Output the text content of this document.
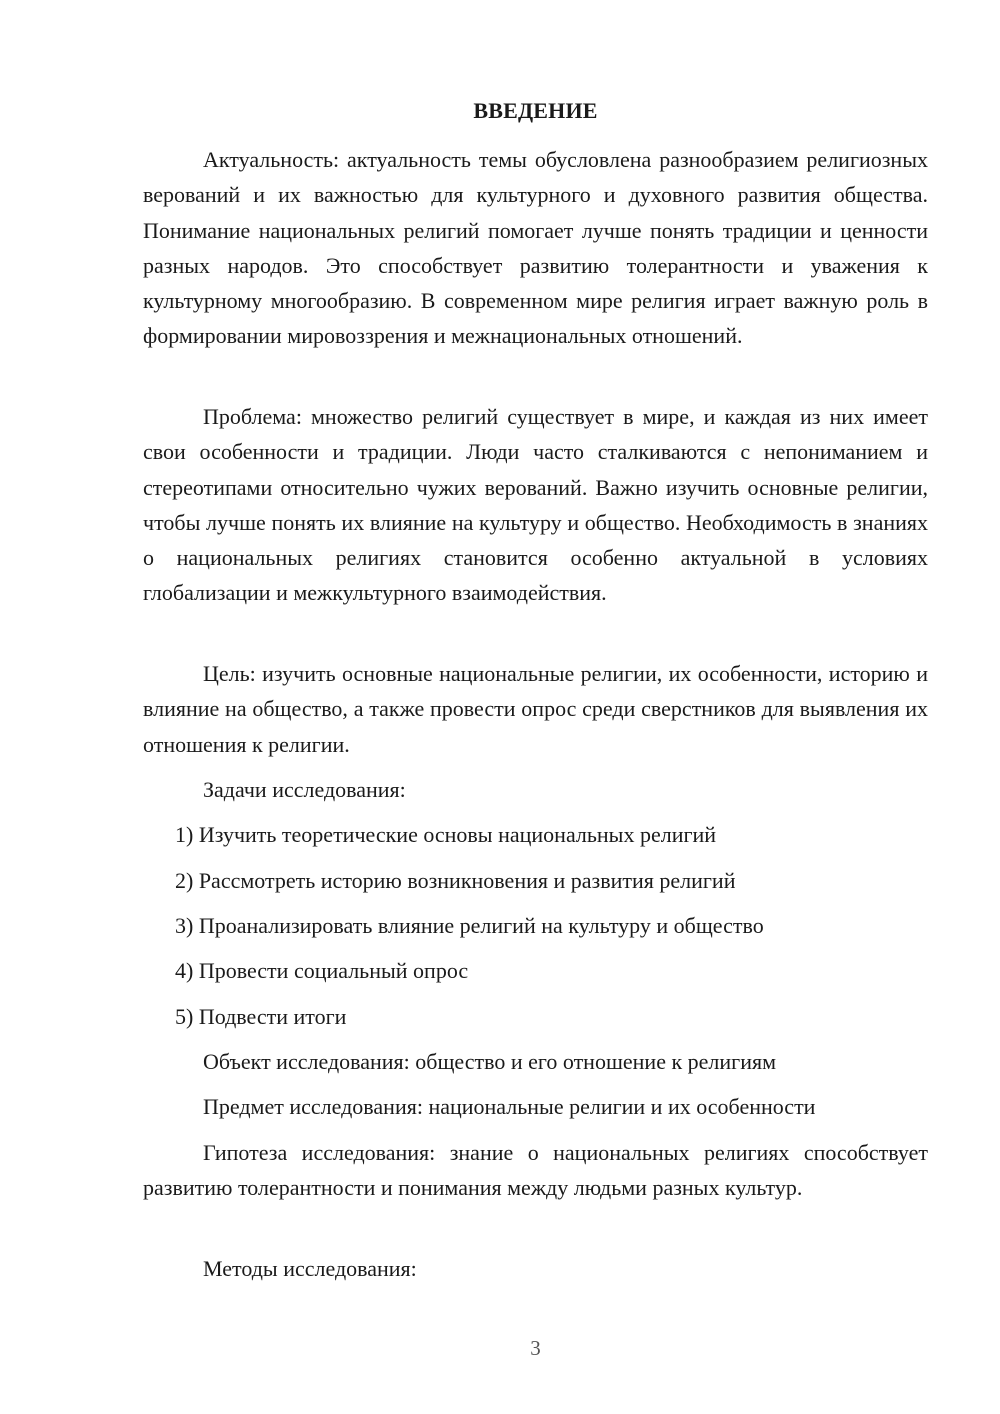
ВВЕДЕНИЕ

Актуальность: актуальность темы обусловлена разнообразием религиозных верований и их важностью для культурного и духовного развития общества. Понимание национальных религий помогает лучше понять традиции и ценности разных народов. Это способствует развитию толерантности и уважения к культурному многообразию. В современном мире религия играет важную роль в формировании мировоззрения и межнациональных отношений.

Проблема: множество религий существует в мире, и каждая из них имеет свои особенности и традиции. Люди часто сталкиваются с непониманием и стереотипами относительно чужих верований. Важно изучить основные религии, чтобы лучше понять их влияние на культуру и общество. Необходимость в знаниях о национальных религиях становится особенно актуальной в условиях глобализации и межкультурного взаимодействия.

Цель: изучить основные национальные религии, их особенности, историю и влияние на общество, а также провести опрос среди сверстников для выявления их отношения к религии.

Задачи исследования:

1) Изучить теоретические основы национальных религий

2) Рассмотреть историю возникновения и развития религий

3) Проанализировать влияние религий на культуру и общество

4) Провести социальный опрос

5) Подвести итоги

Объект исследования: общество и его отношение к религиям

Предмет исследования: национальные религии и их особенности

Гипотеза исследования: знание о национальных религиях способствует развитию толерантности и понимания между людьми разных культур.

Методы исследования:

3
